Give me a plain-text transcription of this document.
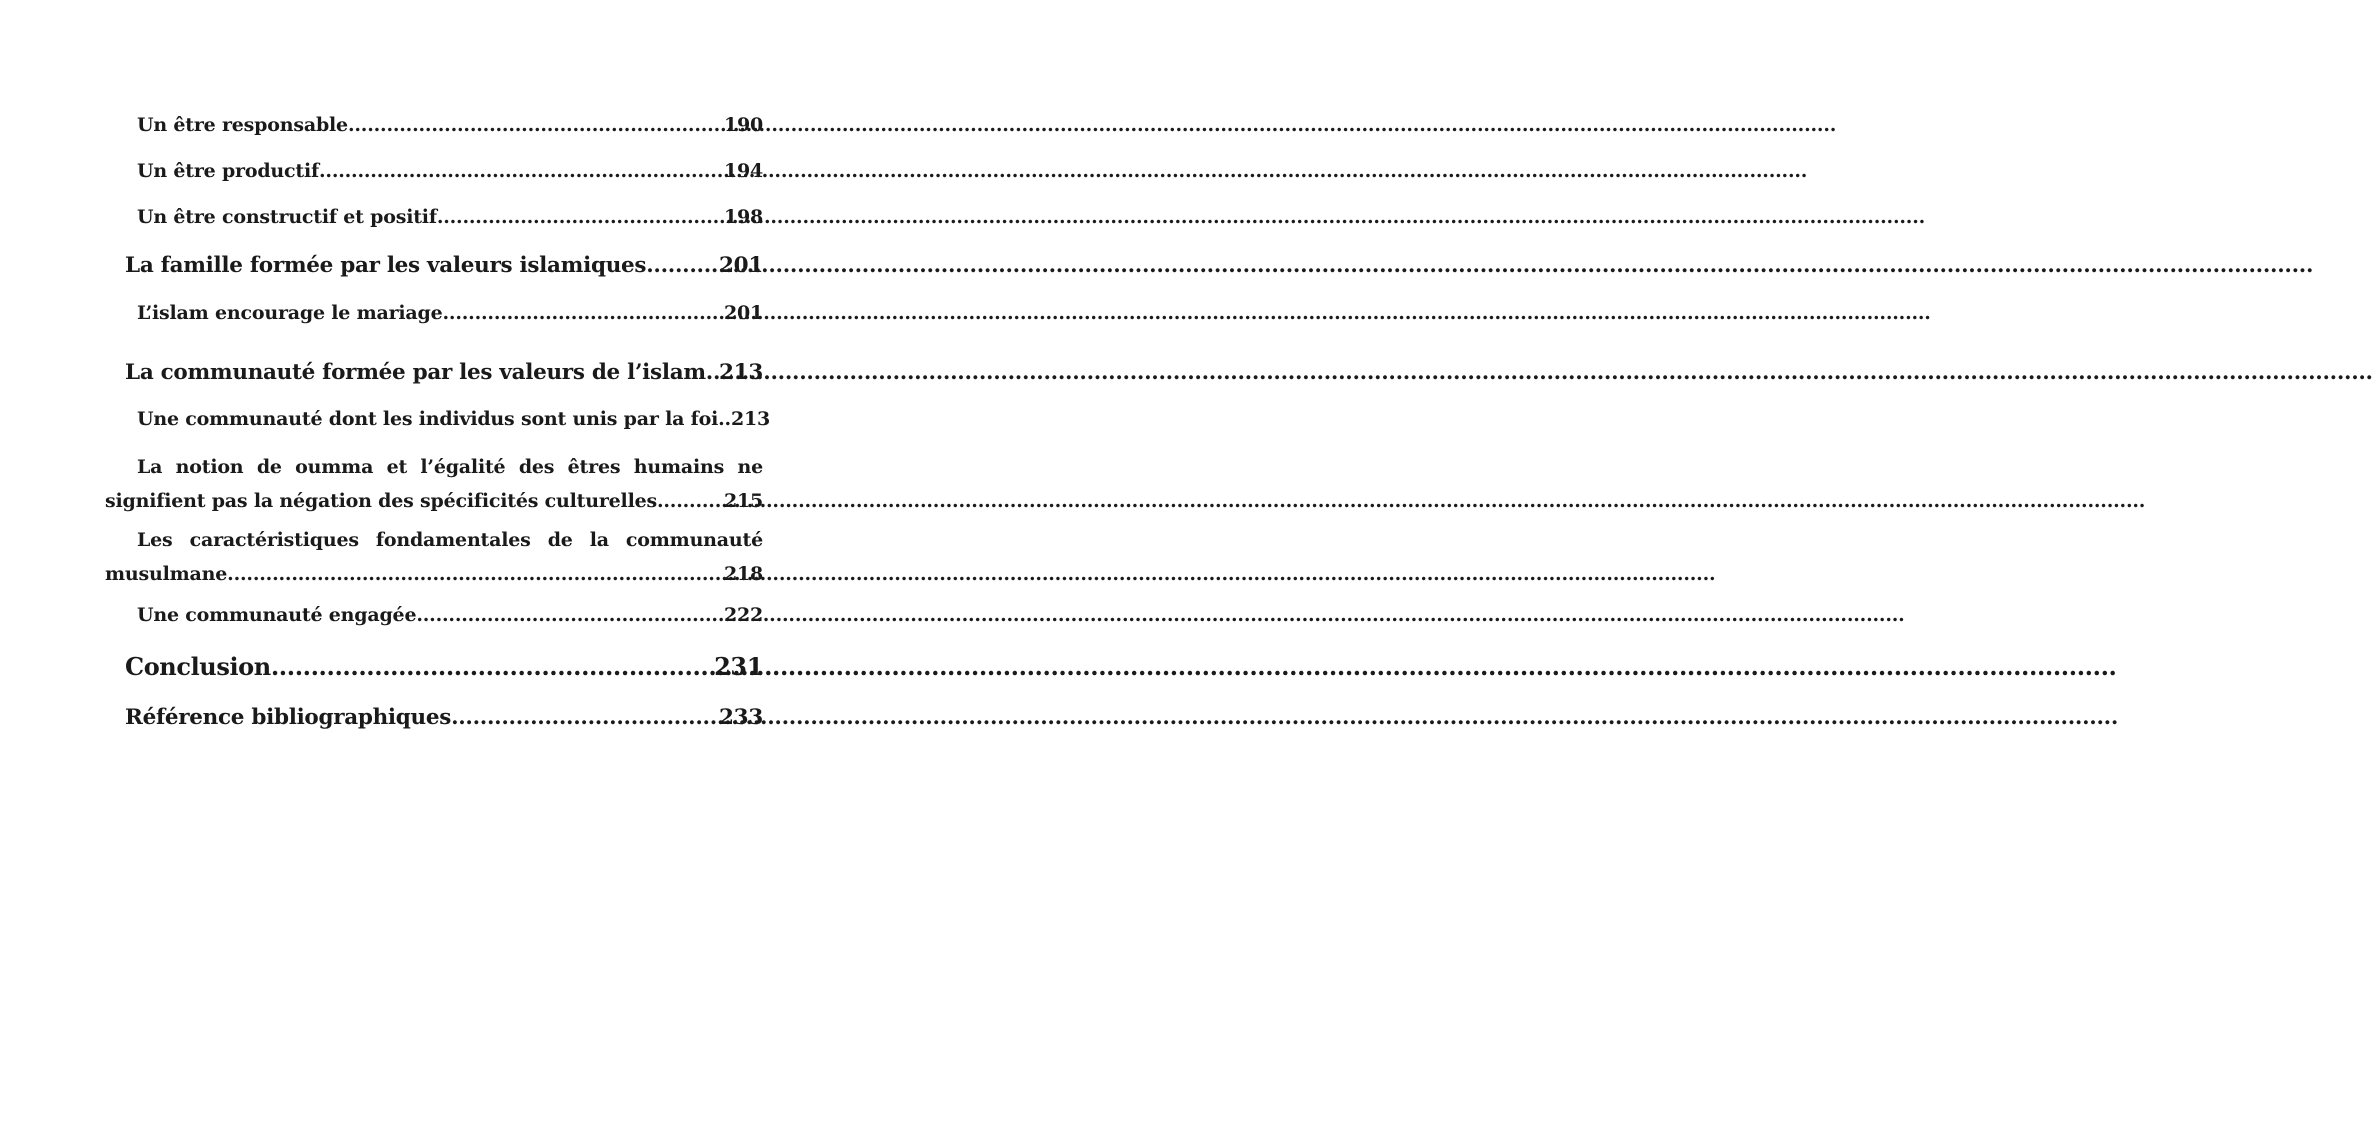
Un être responsable .....	190
Un être productif .....	194
Un être constructif et positif .....	198
La famille formée par les valeurs islamiques .....	201
L’islam encourage le mariage .....	201
La communauté formée par les valeurs de l’islam ..... 213
Une communauté dont les individus sont unis par la foi.. 213
La notion de oumma et l’égalité des êtres humains ne
signifient pas la négation des spécificités culturelles .....	215
Les caractéristiques fondamentales de la communauté
musulmane .....	218
Une communauté engagée .....	222
Conclusion .....	231
Référence bibliographiques .....	233
